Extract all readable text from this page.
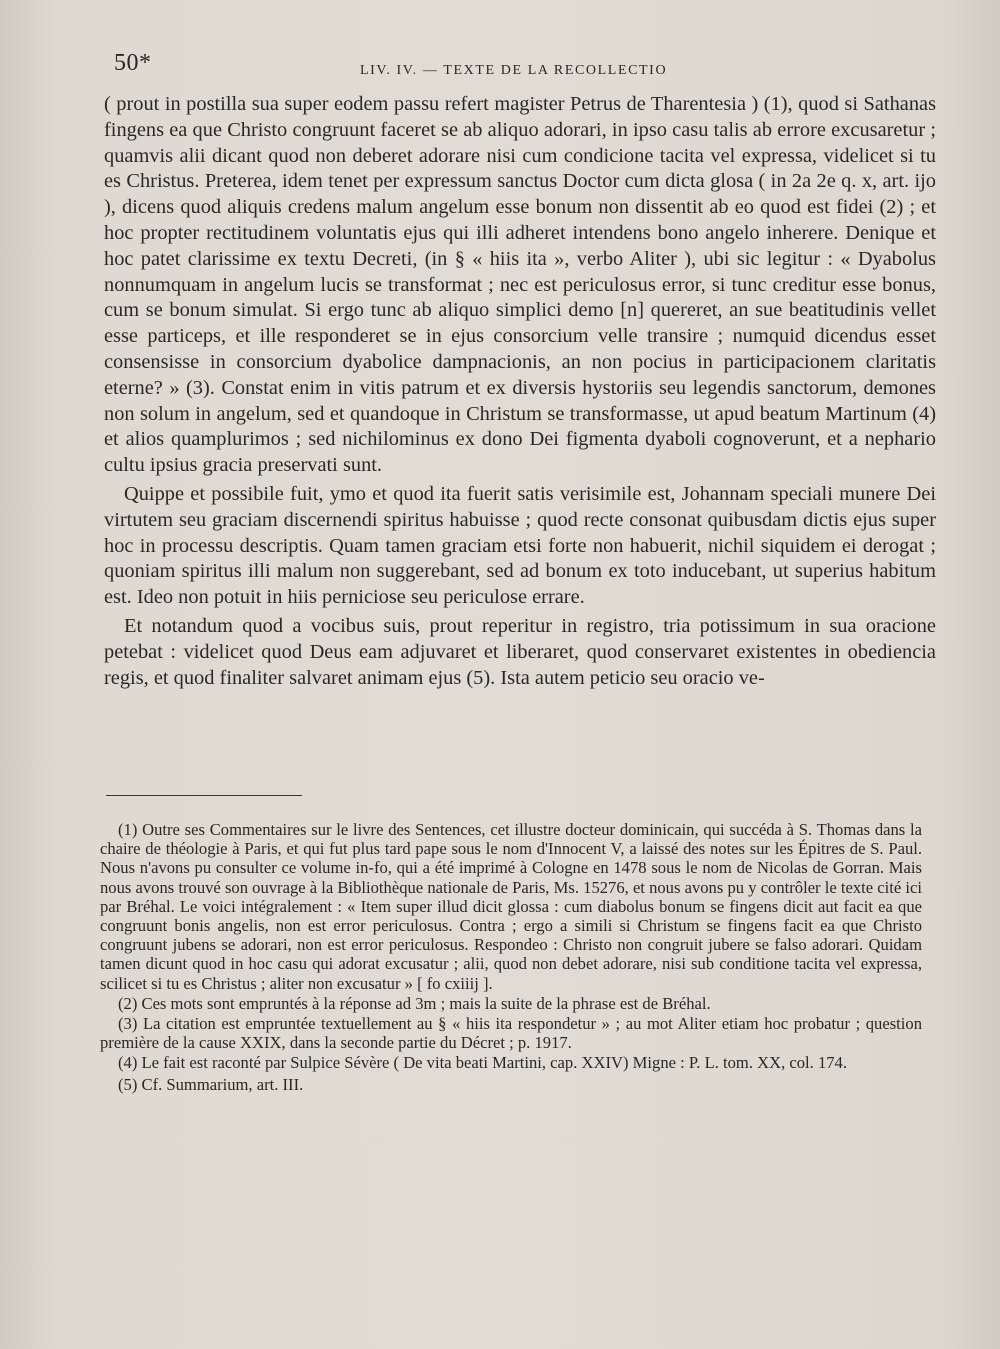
50*	LIV. IV. — TEXTE DE LA RECOLLECTIO

( prout in postilla sua super eodem passu refert magister Petrus de Tharentesia ) (1), quod si Sathanas fingens ea que Christo congruunt faceret se ab aliquo adorari, in ipso casu talis ab errore excusaretur ; quamvis alii dicant quod non deberet adorare nisi cum condicione tacita vel expressa, videlicet si tu es Christus. Preterea, idem tenet per expressum sanctus Doctor cum dicta glosa ( in 2a 2e q. x, art. ijo ), dicens quod aliquis credens malum angelum esse bonum non dissentit ab eo quod est fidei (2) ; et hoc propter rectitudinem voluntatis ejus qui illi adheret intendens bono angelo inherere. Denique et hoc patet clarissime ex textu Decreti, (in § « hiis ita », verbo Aliter ), ubi sic legitur : « Dyabolus nonnumquam in angelum lucis se transformat ; nec est periculosus error, si tunc creditur esse bonus, cum se bonum simulat. Si ergo tunc ab aliquo simplici demo [n] quereret, an sue beatitudinis vellet esse particeps, et ille responderet se in ejus consorcium velle transire ; numquid dicendus esset consensisse in consorcium dyabolice dampnacionis, an non pocius in participacionem claritatis eterne? » (3). Constat enim in vitis patrum et ex diversis hystoriis seu legendis sanctorum, demones non solum in angelum, sed et quandoque in Christum se transformasse, ut apud beatum Martinum (4) et alios quamplurimos ; sed nichilominus ex dono Dei figmenta dyaboli cognoverunt, et a nephario cultu ipsius gracia preservati sunt.

Quippe et possibile fuit, ymo et quod ita fuerit satis verisimile est, Johannam speciali munere Dei virtutem seu graciam discernendi spiritus habuisse ; quod recte consonat quibusdam dictis ejus super hoc in processu descriptis. Quam tamen graciam etsi forte non habuerit, nichil siquidem ei derogat ; quoniam spiritus illi malum non suggerebant, sed ad bonum ex toto inducebant, ut superius habitum est. Ideo non potuit in hiis perniciose seu periculose errare.

Et notandum quod a vocibus suis, prout reperitur in registro, tria potissimum in sua oracione petebat : videlicet quod Deus eam adjuvaret et liberaret, quod conservaret existentes in obediencia regis, et quod finaliter salvaret animam ejus (5). Ista autem peticio seu oracio ve-

(1) Outre ses Commentaires sur le livre des Sentences, cet illustre docteur dominicain, qui succéda à S. Thomas dans la chaire de théologie à Paris, et qui fut plus tard pape sous le nom d'Innocent V, a laissé des notes sur les Épitres de S. Paul. Nous n'avons pu consulter ce volume in-fo, qui a été imprimé à Cologne en 1478 sous le nom de Nicolas de Gorran. Mais nous avons trouvé son ouvrage à la Bibliothèque nationale de Paris, Ms. 15276, et nous avons pu y contrôler le texte cité ici par Bréhal. Le voici intégralement : « Item super illud dicit glossa : cum diabolus bonum se fingens dicit aut facit ea que congruunt bonis angelis, non est error periculosus. Contra ; ergo a simili si Christum se fingens facit ea que Christo congruunt jubens se adorari, non est error periculosus. Respondeo : Christo non congruit jubere se falso adorari. Quidam tamen dicunt quod in hoc casu qui adorat excusatur ; alii, quod non debet adorare, nisi sub conditione tacita vel expressa, scilicet si tu es Christus ; aliter non excusatur » [ fo cxiiij ].

(2) Ces mots sont empruntés à la réponse ad 3m ; mais la suite de la phrase est de Bréhal.

(3) La citation est empruntée textuellement au § « hiis ita respondetur » ; au mot Aliter etiam hoc probatur ; question première de la cause XXIX, dans la seconde partie du Décret ; p. 1917.

(4) Le fait est raconté par Sulpice Sévère ( De vita beati Martini, cap. XXIV) Migne : P. L. tom. XX, col. 174.

(5) Cf. Summarium, art. III.
